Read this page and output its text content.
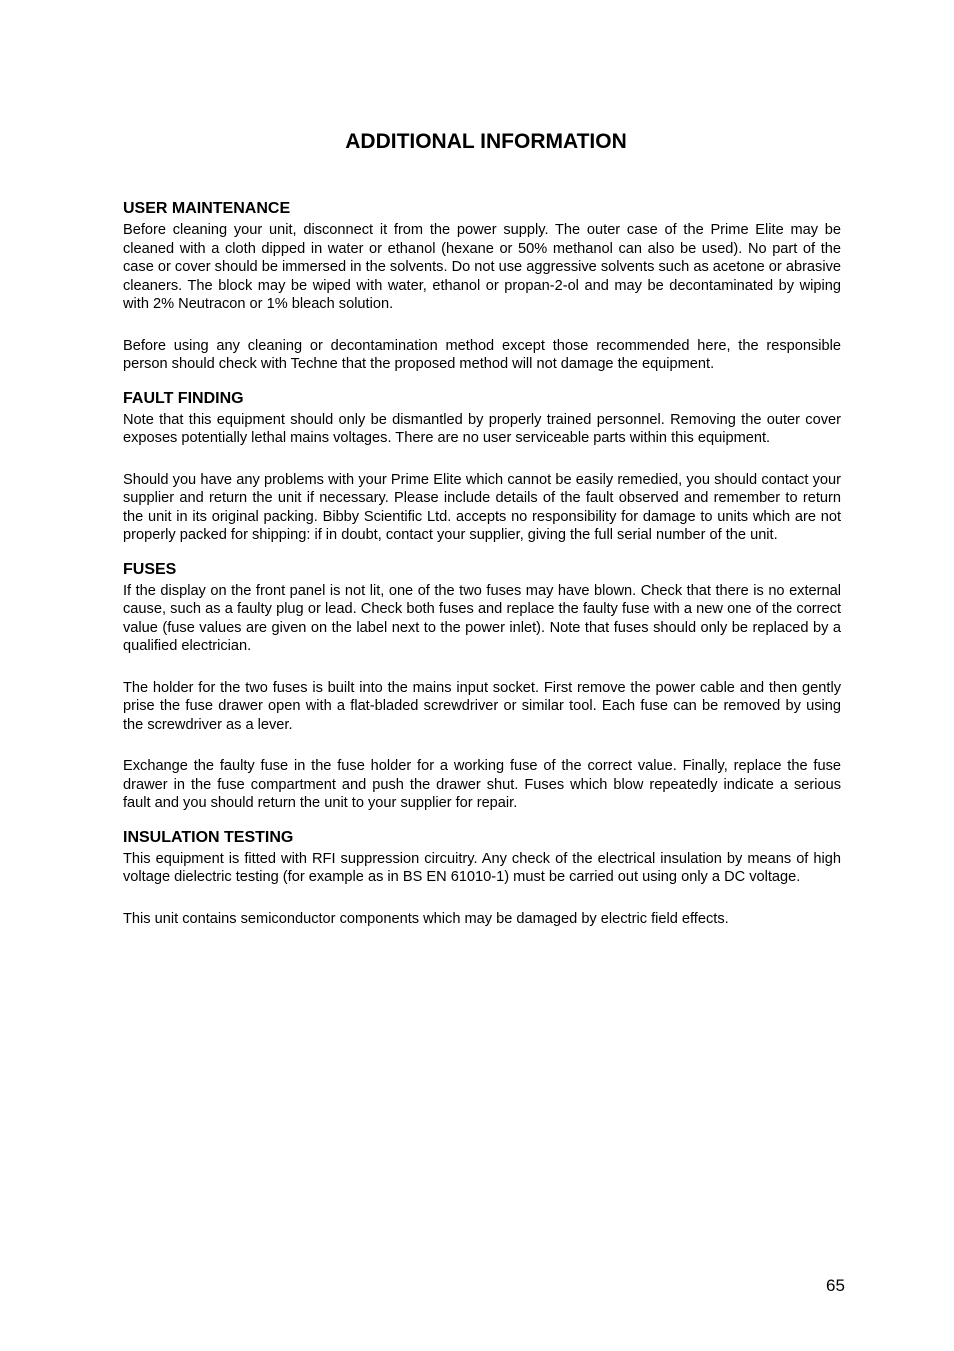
ADDITIONAL INFORMATION
USER MAINTENANCE

Before cleaning your unit, disconnect it from the power supply. The outer case of the Prime Elite may be cleaned with a cloth dipped in water or ethanol (hexane or 50% methanol can also be used). No part of the case or cover should be immersed in the solvents. Do not use aggressive solvents such as acetone or abrasive cleaners. The block may be wiped with water, ethanol or propan-2-ol and may be decontaminated by wiping with 2% Neutracon or 1% bleach solution.

Before using any cleaning or decontamination method except those recommended here, the responsible person should check with Techne that the proposed method will not damage the equipment.

FAULT FINDING

Note that this equipment should only be dismantled by properly trained personnel. Removing the outer cover exposes potentially lethal mains voltages. There are no user serviceable parts within this equipment.

Should you have any problems with your Prime Elite which cannot be easily remedied, you should contact your supplier and return the unit if necessary. Please include details of the fault observed and remember to return the unit in its original packing. Bibby Scientific Ltd. accepts no responsibility for damage to units which are not properly packed for shipping: if in doubt, contact your supplier, giving the full serial number of the unit.

FUSES

If the display on the front panel is not lit, one of the two fuses may have blown. Check that there is no external cause, such as a faulty plug or lead. Check both fuses and replace the faulty fuse with a new one of the correct value (fuse values are given on the label next to the power inlet). Note that fuses should only be replaced by a qualified electrician.

The holder for the two fuses is built into the mains input socket. First remove the power cable and then gently prise the fuse drawer open with a flat-bladed screwdriver or similar tool. Each fuse can be removed by using the screwdriver as a lever.

Exchange the faulty fuse in the fuse holder for a working fuse of the correct value. Finally, replace the fuse drawer in the fuse compartment and push the drawer shut. Fuses which blow repeatedly indicate a serious fault and you should return the unit to your supplier for repair.

INSULATION TESTING

This equipment is fitted with RFI suppression circuitry. Any check of the electrical insulation by means of high voltage dielectric testing (for example as in BS EN 61010-1) must be carried out using only a DC voltage.

This unit contains semiconductor components which may be damaged by electric field effects.

65
